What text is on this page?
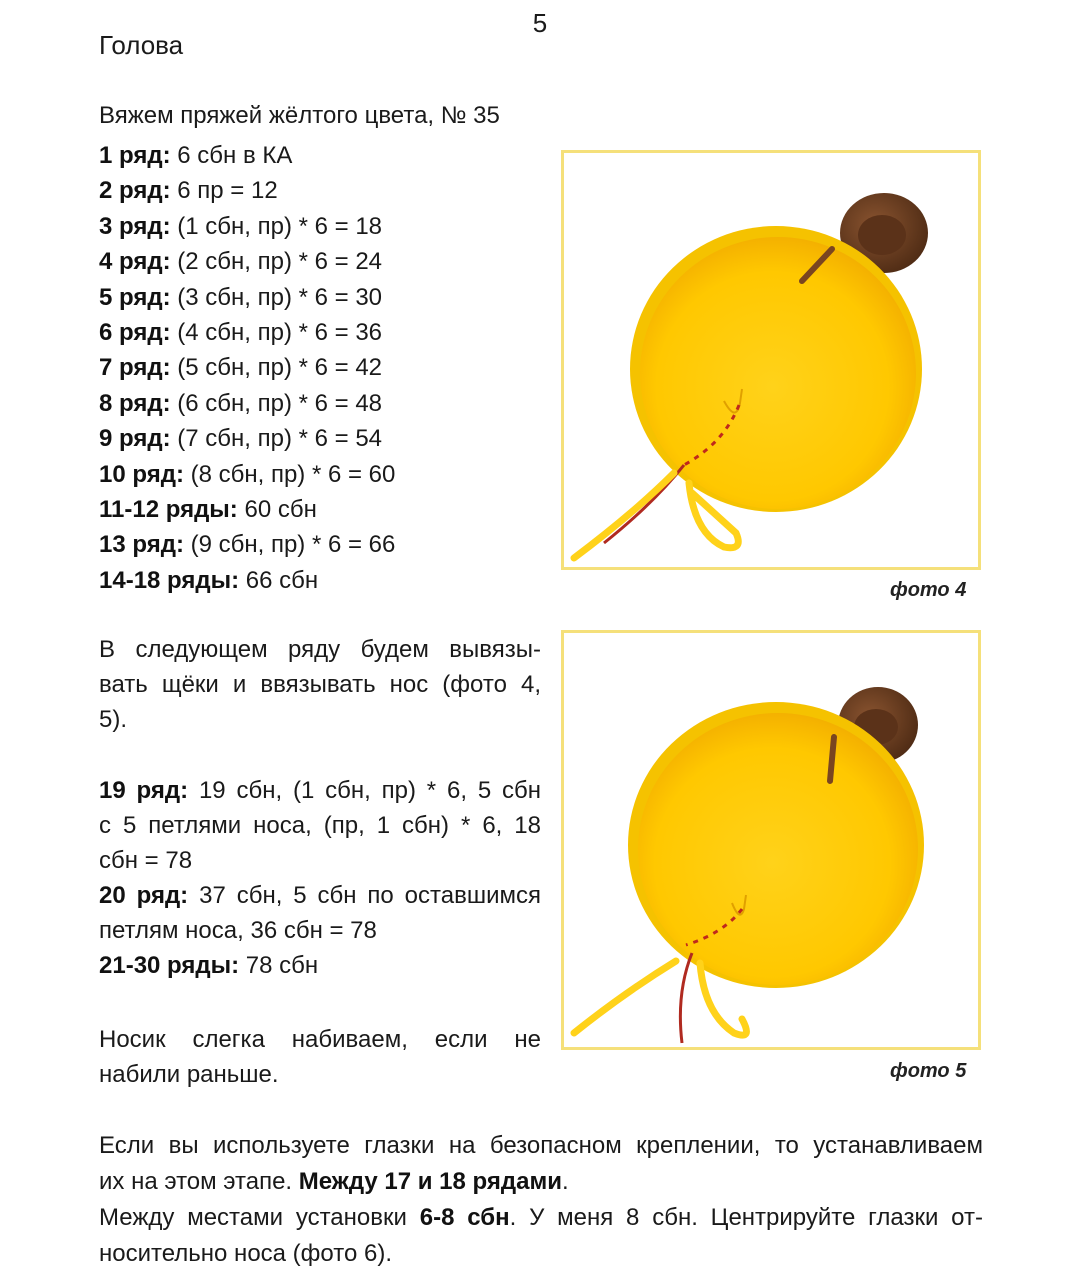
5
Голова
Вяжем пряжей жёлтого цвета, № 35
1 ряд: 6 сбн в КА
2 ряд: 6 пр = 12
3 ряд: (1 сбн, пр) * 6 = 18
4 ряд: (2 сбн, пр) * 6 = 24
5 ряд: (3 сбн, пр) * 6 = 30
6 ряд: (4 сбн, пр) * 6 = 36
7 ряд: (5 сбн, пр) * 6 = 42
8 ряд: (6 сбн, пр) * 6 = 48
9 ряд: (7 сбн, пр) * 6 = 54
10 ряд: (8 сбн, пр) * 6 = 60
11-12 ряды: 60 сбн
13 ряд: (9 сбн, пр) * 6 = 66
14-18 ряды: 66 сбн
В следующем ряду будем вывязы-
вать щёки и ввязывать нос (фото 4,
5).
19 ряд: 19 сбн, (1 сбн, пр) * 6, 5 сбн
с 5 петлями носа, (пр, 1 сбн) * 6, 18
сбн = 78
20 ряд: 37 сбн, 5 сбн по оставшимся
петлям носа, 36 сбн = 78
21-30 ряды: 78 сбн
Носик слегка набиваем, если не
набили раньше.
Если вы используете глазки на безопасном креплении, то устанавливаем
их на этом этапе. Между 17 и 18 рядами.
Между местами установки 6-8 сбн. У меня 8 сбн. Центрируйте глазки от-
носительно носа (фото 6).
фото 4
фото 5
